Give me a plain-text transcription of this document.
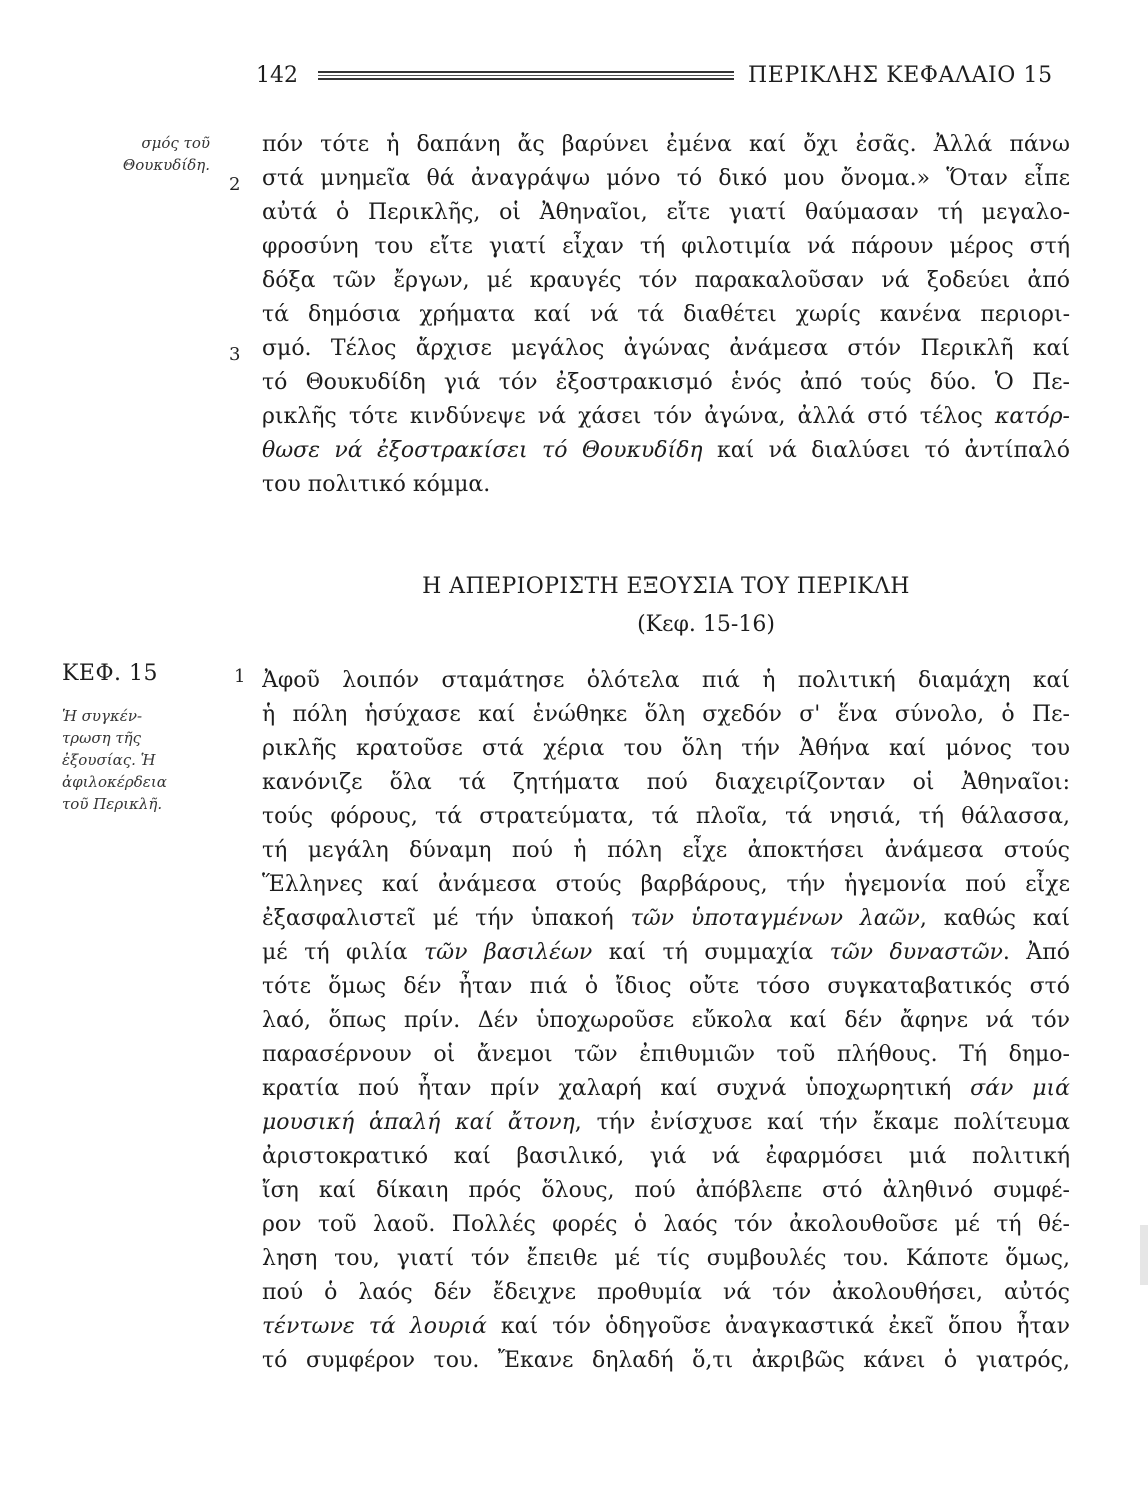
142	ΠΕΡΙΚΛΗΣ ΚΕΦΑΛΑΙΟ 15
σμός τοῦ
Θουκυδίδη.
2
3
1
πόν τότε ἡ δαπάνη ἄς βαρύνει ἐμένα καί ὄχι ἐσᾶς. Ἀλλά πάνω
στά μνημεῖα θά ἀναγράψω μόνο τό δικό μου ὄνομα.» Ὅταν εἶπε
αὐτά ὁ Περικλῆς, οἱ Ἀθηναῖοι, εἴτε γιατί θαύμασαν τή μεγαλο-
φροσύνη του εἴτε γιατί εἶχαν τή φιλοτιμία νά πάρουν μέρος στή
δόξα τῶν ἔργων, μέ κραυγές τόν παρακαλοῦσαν νά ξοδεύει ἀπό
τά δημόσια χρήματα καί νά τά διαθέτει χωρίς κανένα περιορι-
σμό. Τέλος ἄρχισε μεγάλος ἀγώνας ἀνάμεσα στόν Περικλῆ καί
τό Θουκυδίδη γιά τόν ἐξοστρακισμό ἑνός ἀπό τούς δύο. Ὁ Πε-
ρικλῆς τότε κινδύνεψε νά χάσει τόν ἀγώνα, ἀλλά στό τέλος κατόρ-
θωσε νά ἐξοστρακίσει τό Θουκυδίδη καί νά διαλύσει τό ἀντίπαλό
του πολιτικό κόμμα.
Η ΑΠΕΡΙΟΡΙΣΤΗ ΕΞΟΥΣΙΑ ΤΟΥ ΠΕΡΙΚΛΗ
(Κεφ. 15-16)
ΚΕΦ. 15
Ἡ συγκέν-
τρωση τῆς
ἐξουσίας. Ἡ
ἀφιλοκέρδεια
τοῦ Περικλῆ.
Ἀφοῦ λοιπόν σταμάτησε ὁλότελα πιά ἡ πολιτική διαμάχη καί
ἡ πόλη ἡσύχασε καί ἑνώθηκε ὅλη σχεδόν σ' ἕνα σύνολο, ὁ Πε-
ρικλῆς κρατοῦσε στά χέρια του ὅλη τήν Ἀθήνα καί μόνος του
κανόνιζε ὅλα τά ζητήματα πού διαχειρίζονταν οἱ Ἀθηναῖοι:
τούς φόρους, τά στρατεύματα, τά πλοῖα, τά νησιά, τή θάλασσα,
τή μεγάλη δύναμη πού ἡ πόλη εἶχε ἀποκτήσει ἀνάμεσα στούς
Ἕλληνες καί ἀνάμεσα στούς βαρβάρους, τήν ἡγεμονία πού εἶχε
ἐξασφαλιστεῖ μέ τήν ὑπακοή τῶν ὑποταγμένων λαῶν, καθώς καί
μέ τή φιλία τῶν βασιλέων καί τή συμμαχία τῶν δυναστῶν. Ἀπό
τότε ὅμως δέν ἦταν πιά ὁ ἴδιος οὔτε τόσο συγκαταβατικός στό
λαό, ὅπως πρίν. Δέν ὑποχωροῦσε εὔκολα καί δέν ἄφηνε νά τόν
παρασέρνουν οἱ ἄνεμοι τῶν ἐπιθυμιῶν τοῦ πλήθους. Τή δημο-
κρατία πού ἦταν πρίν χαλαρή καί συχνά ὑποχωρητική σάν μιά
μουσική ἁπαλή καί ἄτονη, τήν ἐνίσχυσε καί τήν ἔκαμε πολίτευμα
ἀριστοκρατικό καί βασιλικό, γιά νά ἐφαρμόσει μιά πολιτική
ἴση καί δίκαιη πρός ὅλους, πού ἀπόβλεπε στό ἀληθινό συμφέ-
ρον τοῦ λαοῦ. Πολλές φορές ὁ λαός τόν ἀκολουθοῦσε μέ τή θέ-
ληση του, γιατί τόν ἔπειθε μέ τίς συμβουλές του. Κάποτε ὅμως,
πού ὁ λαός δέν ἔδειχνε προθυμία νά τόν ἀκολουθήσει, αὐτός
τέντωνε τά λουριά καί τόν ὁδηγοῦσε ἀναγκαστικά ἐκεῖ ὅπου ἦταν
τό συμφέρον του. Ἔκανε δηλαδή ὅ,τι ἀκριβῶς κάνει ὁ γιατρός,
